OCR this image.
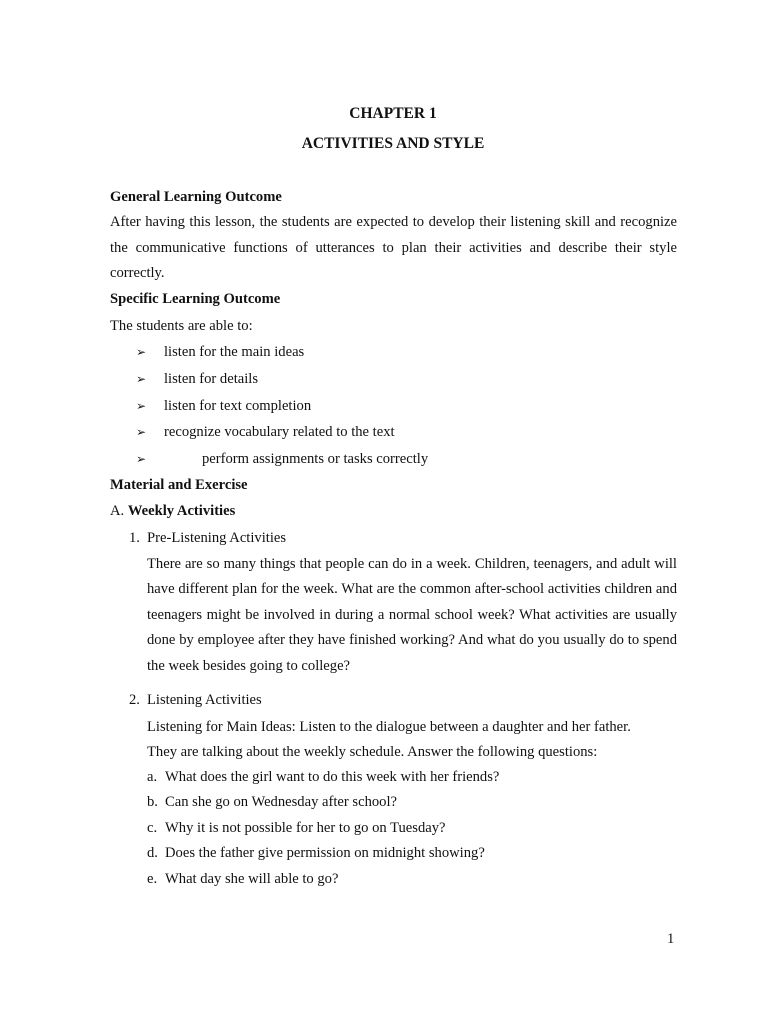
CHAPTER 1
ACTIVITIES AND STYLE
General Learning Outcome
After having this lesson, the students are expected to develop their listening skill and recognize the communicative functions of utterances to plan their activities and describe their style correctly.
Specific Learning Outcome
The students are able to:
➢ listen for the main ideas
➢ listen for details
➢ listen for text completion
➢ recognize vocabulary related to the text
➢	perform assignments or tasks correctly
Material and Exercise
A. Weekly Activities
1. Pre-Listening Activities
There are so many things that people can do in a week. Children, teenagers, and adult will have different plan for the week. What are the common after-school activities children and teenagers might be involved in during a normal school week? What activities are usually done by employee after they have finished working? And what do you usually do to spend the week besides going to college?
2. Listening Activities
Listening for Main Ideas: Listen to the dialogue between a daughter and her father.
They are talking about the weekly schedule. Answer the following questions:
a. What does the girl want to do this week with her friends?
b. Can she go on Wednesday after school?
c. Why it is not possible for her to go on Tuesday?
d. Does the father give permission on midnight showing?
e. What day she will able to go?
1
